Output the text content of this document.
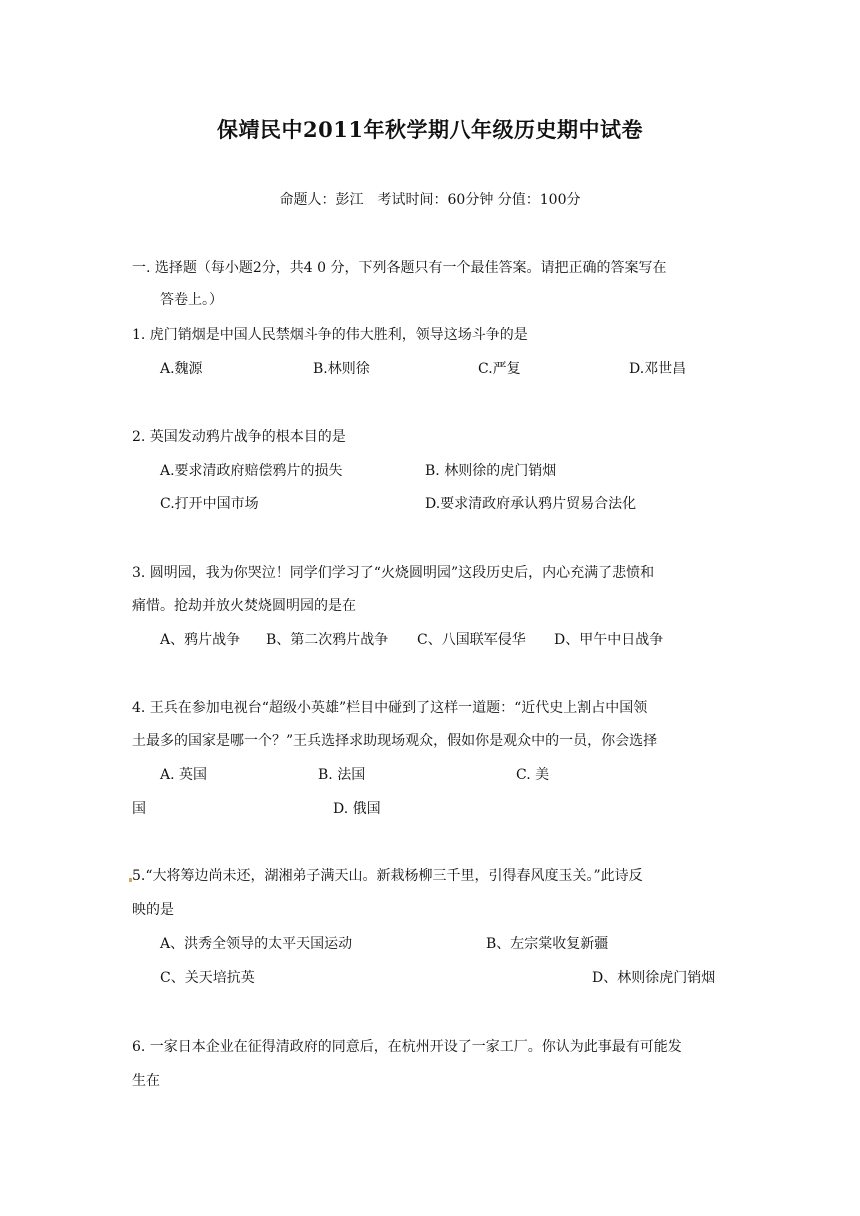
保靖民中2011年秋学期八年级历史期中试卷
命题人：彭江　考试时间：60分钟 分值：100分
一. 选择题（每小题2分，共4 0 分，下列各题只有一个最佳答案。请把正确的答案写在
答卷上。）
1. 虎门销烟是中国人民禁烟斗争的伟大胜利，领导这场斗争的是
A.魏源	B.林则徐	C.严复	D.邓世昌
2. 英国发动鸦片战争的根本目的是
A.要求清政府赔偿鸦片的损失	B. 林则徐的虎门销烟
C.打开中国市场	D.要求清政府承认鸦片贸易合法化
3. 圆明园，我为你哭泣！同学们学习了“火烧圆明园”这段历史后，内心充满了悲愤和
痛惜。抢劫并放火焚烧圆明园的是在
A、鸦片战争 B、第二次鸦片战争 C、八国联军侵华 D、甲午中日战争
4. 王兵在参加电视台“超级小英雄”栏目中碰到了这样一道题：“近代史上割占中国领
土最多的国家是哪一个？”王兵选择求助现场观众，假如你是观众中的一员，你会选择
A. 英国	B. 法国	C. 美
国	D. 俄国
5.“大将筹边尚未还，湖湘弟子满天山。新栽杨柳三千里，引得春风度玉关。”此诗反
映的是
A、洪秀全领导的太平天国运动	B、左宗棠收复新疆
C、关天培抗英	D、林则徐虎门销烟
6. 一家日本企业在征得清政府的同意后，在杭州开设了一家工厂。你认为此事最有可能发
生在
